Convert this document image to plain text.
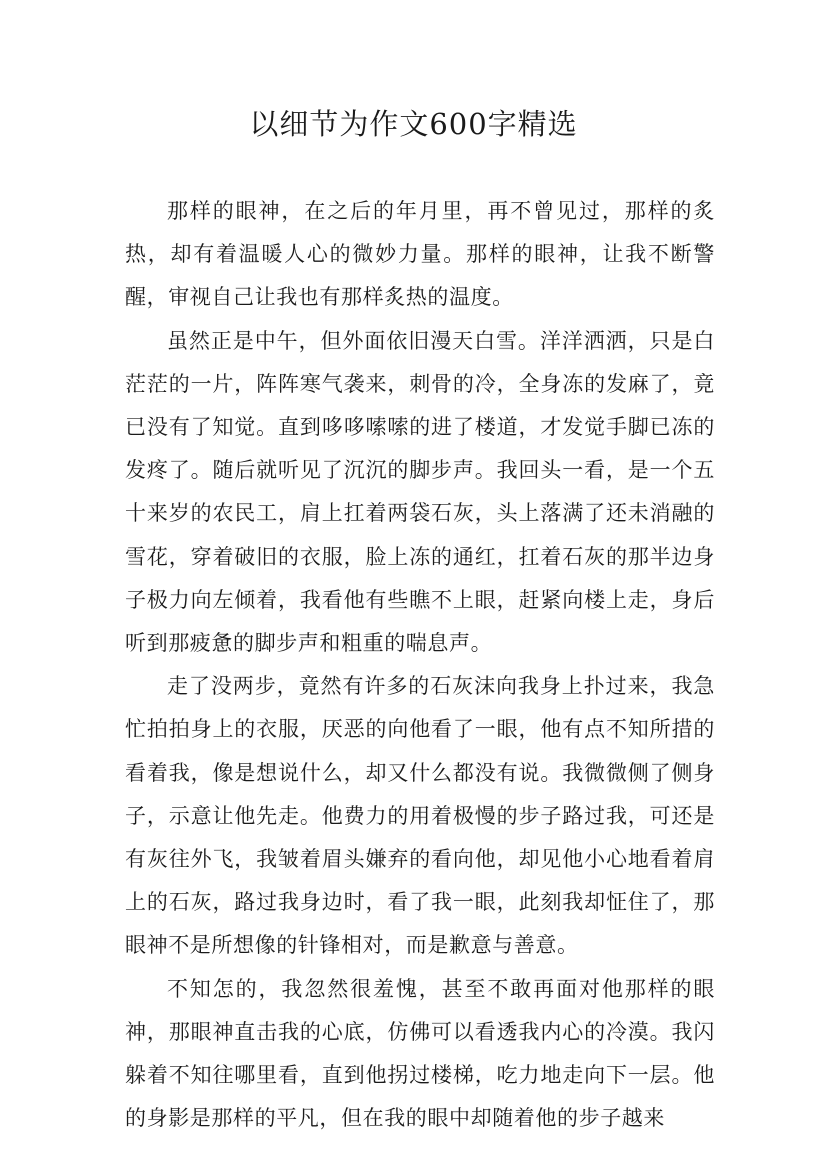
以细节为作文600字精选

那样的眼神，在之后的年月里，再不曾见过，那样的炙热，却有着温暖人心的微妙力量。那样的眼神，让我不断警醒，审视自己让我也有那样炙热的温度。

虽然正是中午，但外面依旧漫天白雪。洋洋洒洒，只是白茫茫的一片，阵阵寒气袭来，刺骨的冷，全身冻的发麻了，竟已没有了知觉。直到哆哆嗦嗦的进了楼道，才发觉手脚已冻的发疼了。随后就听见了沉沉的脚步声。我回头一看，是一个五十来岁的农民工，肩上扛着两袋石灰，头上落满了还未消融的雪花，穿着破旧的衣服，脸上冻的通红，扛着石灰的那半边身子极力向左倾着，我看他有些瞧不上眼，赶紧向楼上走，身后听到那疲惫的脚步声和粗重的喘息声。

走了没两步，竟然有许多的石灰沫向我身上扑过来，我急忙拍拍身上的衣服，厌恶的向他看了一眼，他有点不知所措的看着我，像是想说什么，却又什么都没有说。我微微侧了侧身子，示意让他先走。他费力的用着极慢的步子路过我，可还是有灰往外飞，我皱着眉头嫌弃的看向他，却见他小心地看着肩上的石灰，路过我身边时，看了我一眼，此刻我却怔住了，那眼神不是所想像的针锋相对，而是歉意与善意。

不知怎的，我忽然很羞愧，甚至不敢再面对他那样的眼神，那眼神直击我的心底，仿佛可以看透我内心的冷漠。我闪躲着不知往哪里看，直到他拐过楼梯，吃力地走向下一层。他的身影是那样的平凡，但在我的眼中却随着他的步子越来
